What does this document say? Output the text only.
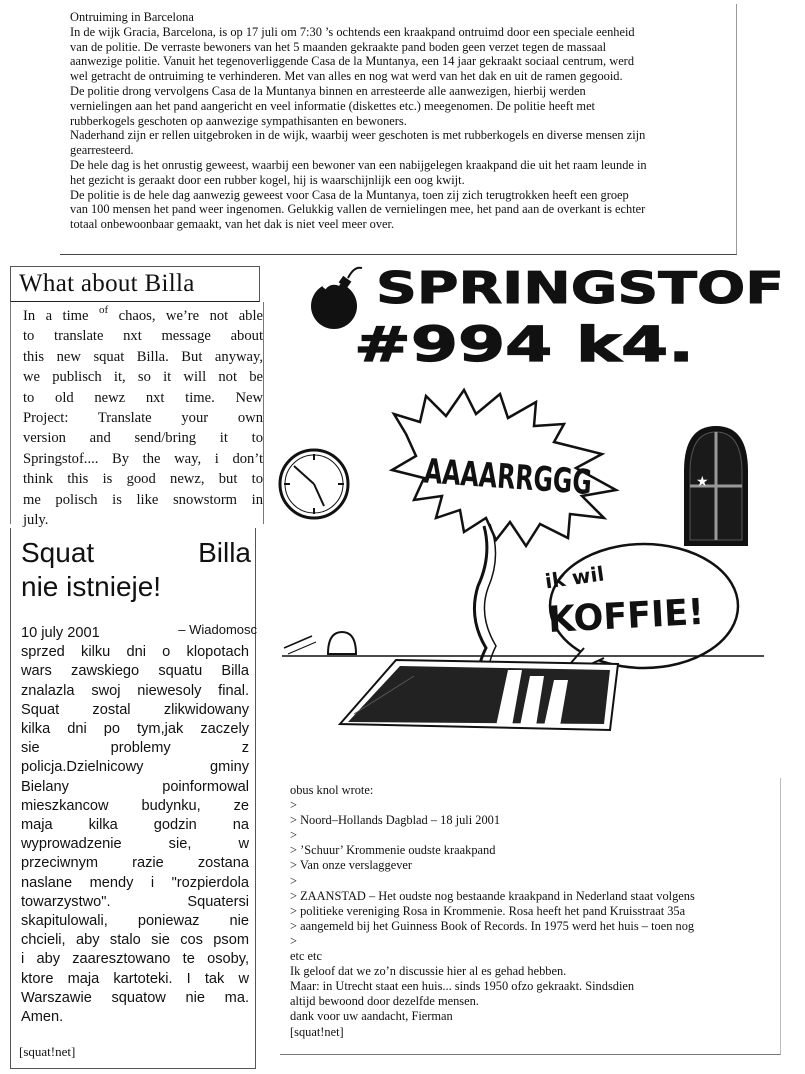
Ontruiming in Barcelona
In de wijk Gracia, Barcelona, is op 17 juli om 7:30 ’s ochtends een kraakpand ontruimd door een speciale eenheid
van de politie. De verraste bewoners van het 5 maanden gekraakte pand boden geen verzet tegen de massaal
aanwezige politie. Vanuit het tegenoverliggende Casa de la Muntanya, een 14 jaar gekraakt sociaal centrum, werd
wel getracht de ontruiming te verhinderen. Met van alles en nog wat werd van het dak en uit de ramen gegooid.
De politie drong vervolgens Casa de la Muntanya binnen en arresteerde alle aanwezigen, hierbij werden
vernielingen aan het pand aangericht en veel informatie (diskettes etc.) meegenomen. De politie heeft met
rubberkogels geschoten op aanwezige sympathisanten en bewoners.
Naderhand zijn er rellen uitgebroken in de wijk, waarbij weer geschoten is met rubberkogels en diverse mensen zijn
gearresteerd.
De hele dag is het onrustig geweest, waarbij een bewoner van een nabijgelegen kraakpand die uit het raam leunde in
het gezicht is geraakt door een rubber kogel, hij is waarschijnlijk een oog kwijt.
De politie is de hele dag aanwezig geweest voor Casa de la Muntanya, toen zij zich terugtrokken heeft een groep
van 100 mensen het pand weer ingenomen. Gelukkig vallen de vernielingen mee, het pand aan de overkant is echter
totaal onbewoonbaar gemaakt, van het dak is niet veel meer over.
What about Billa
In a time $^{of}$ chaos, we’re not able
to translate nxt message about
this new squat Billa. But anyway,
we publisch it, so it will not be
to old newz nxt time. New
Project: Translate your own
version and send/bring it to
Springstof.... By the way, i don’t
think this is good newz, but to
me polisch is like snowstorm in
july.
Squat Billa
nie istnieje!
10 july 2001	– Wiadomosc
sprzed kilku dni o klopotach
wars zawskiego squatu Billa
znalazla swoj niewesoly final.
Squat zostal zlikwidowany
kilka dni po tym,jak zaczely
sie problemy z
policja.Dzielnicowy gminy
Bielany poinformowal
mieszkancow budynku, ze
maja kilka godzin na
wyprowadzenie sie, w
przeciwnym razie zostana
naslane mendy i "rozpierdola
towarzystwo". Squatersi
skapitulowali, poniewaz nie
chcieli, aby stalo sie cos psom
i aby zaaresztowano te osoby,
ktore maja kartoteki. I tak w
Warszawie squatow nie ma.
Amen.
[squat!net]
SPRINGSTOF
#994 k4.
AAAARRGGG ★
ik wil
KOFFIE!
obus knol wrote:
>
> Noord–Hollands Dagblad – 18 juli 2001
>
> ’Schuur’ Krommenie oudste kraakpand
> Van onze verslaggever
>
> ZAANSTAD – Het oudste nog bestaande kraakpand in Nederland staat volgens
> politieke vereniging Rosa in Krommenie. Rosa heeft het pand Kruisstraat 35a
> aangemeld bij het Guinness Book of Records. In 1975 werd het huis – toen nog
>
etc etc
Ik geloof dat we zo’n discussie hier al es gehad hebben.
Maar: in Utrecht staat een huis... sinds 1950 ofzo gekraakt. Sindsdien
altijd bewoond door dezelfde mensen.
dank voor uw aandacht, Fierman
[squat!net]
